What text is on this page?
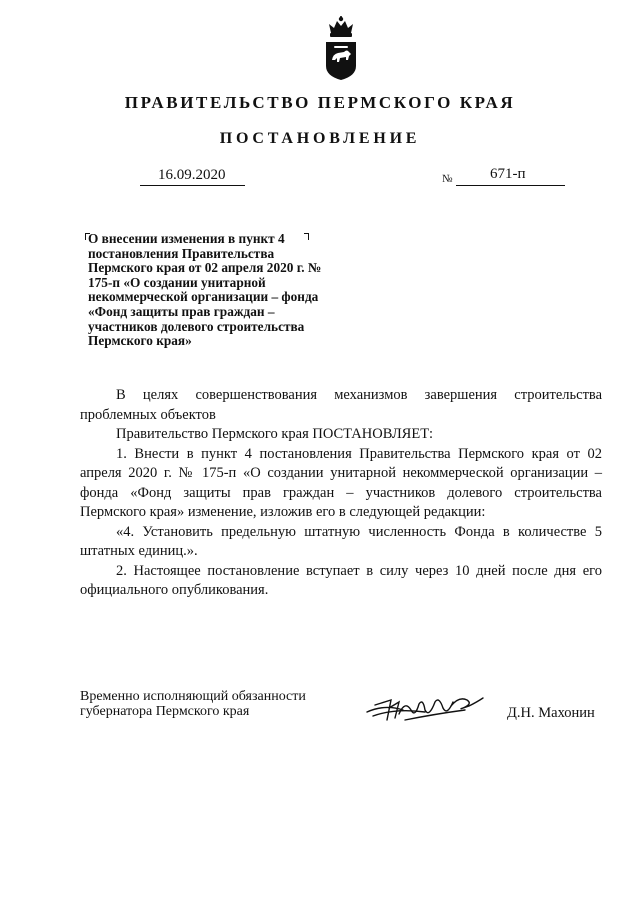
ПРАВИТЕЛЬСТВО ПЕРМСКОГО КРАЯ
ПОСТАНОВЛЕНИЕ
16.09.2020	№	671-п
О внесении изменения в пункт 4 постановления Правительства Пермского края от 02 апреля 2020 г. № 175-п «О создании унитарной некоммерческой организации – фонда «Фонд защиты прав граждан – участников долевого строительства Пермского края»

В целях совершенствования механизмов завершения строительства проблемных объектов

Правительство Пермского края ПОСТАНОВЛЯЕТ:

1. Внести в пункт 4 постановления Правительства Пермского края от 02 апреля 2020 г. № 175-п «О создании унитарной некоммерческой организации – фонда «Фонд защиты прав граждан – участников долевого строительства Пермского края» изменение, изложив его в следующей редакции:

«4. Установить предельную штатную численность Фонда в количестве 5 штатных единиц.».

2. Настоящее постановление вступает в силу через 10 дней после дня его официального опубликования.

Временно исполняющий обязанности
губернатора Пермского края	Д.Н. Махонин
